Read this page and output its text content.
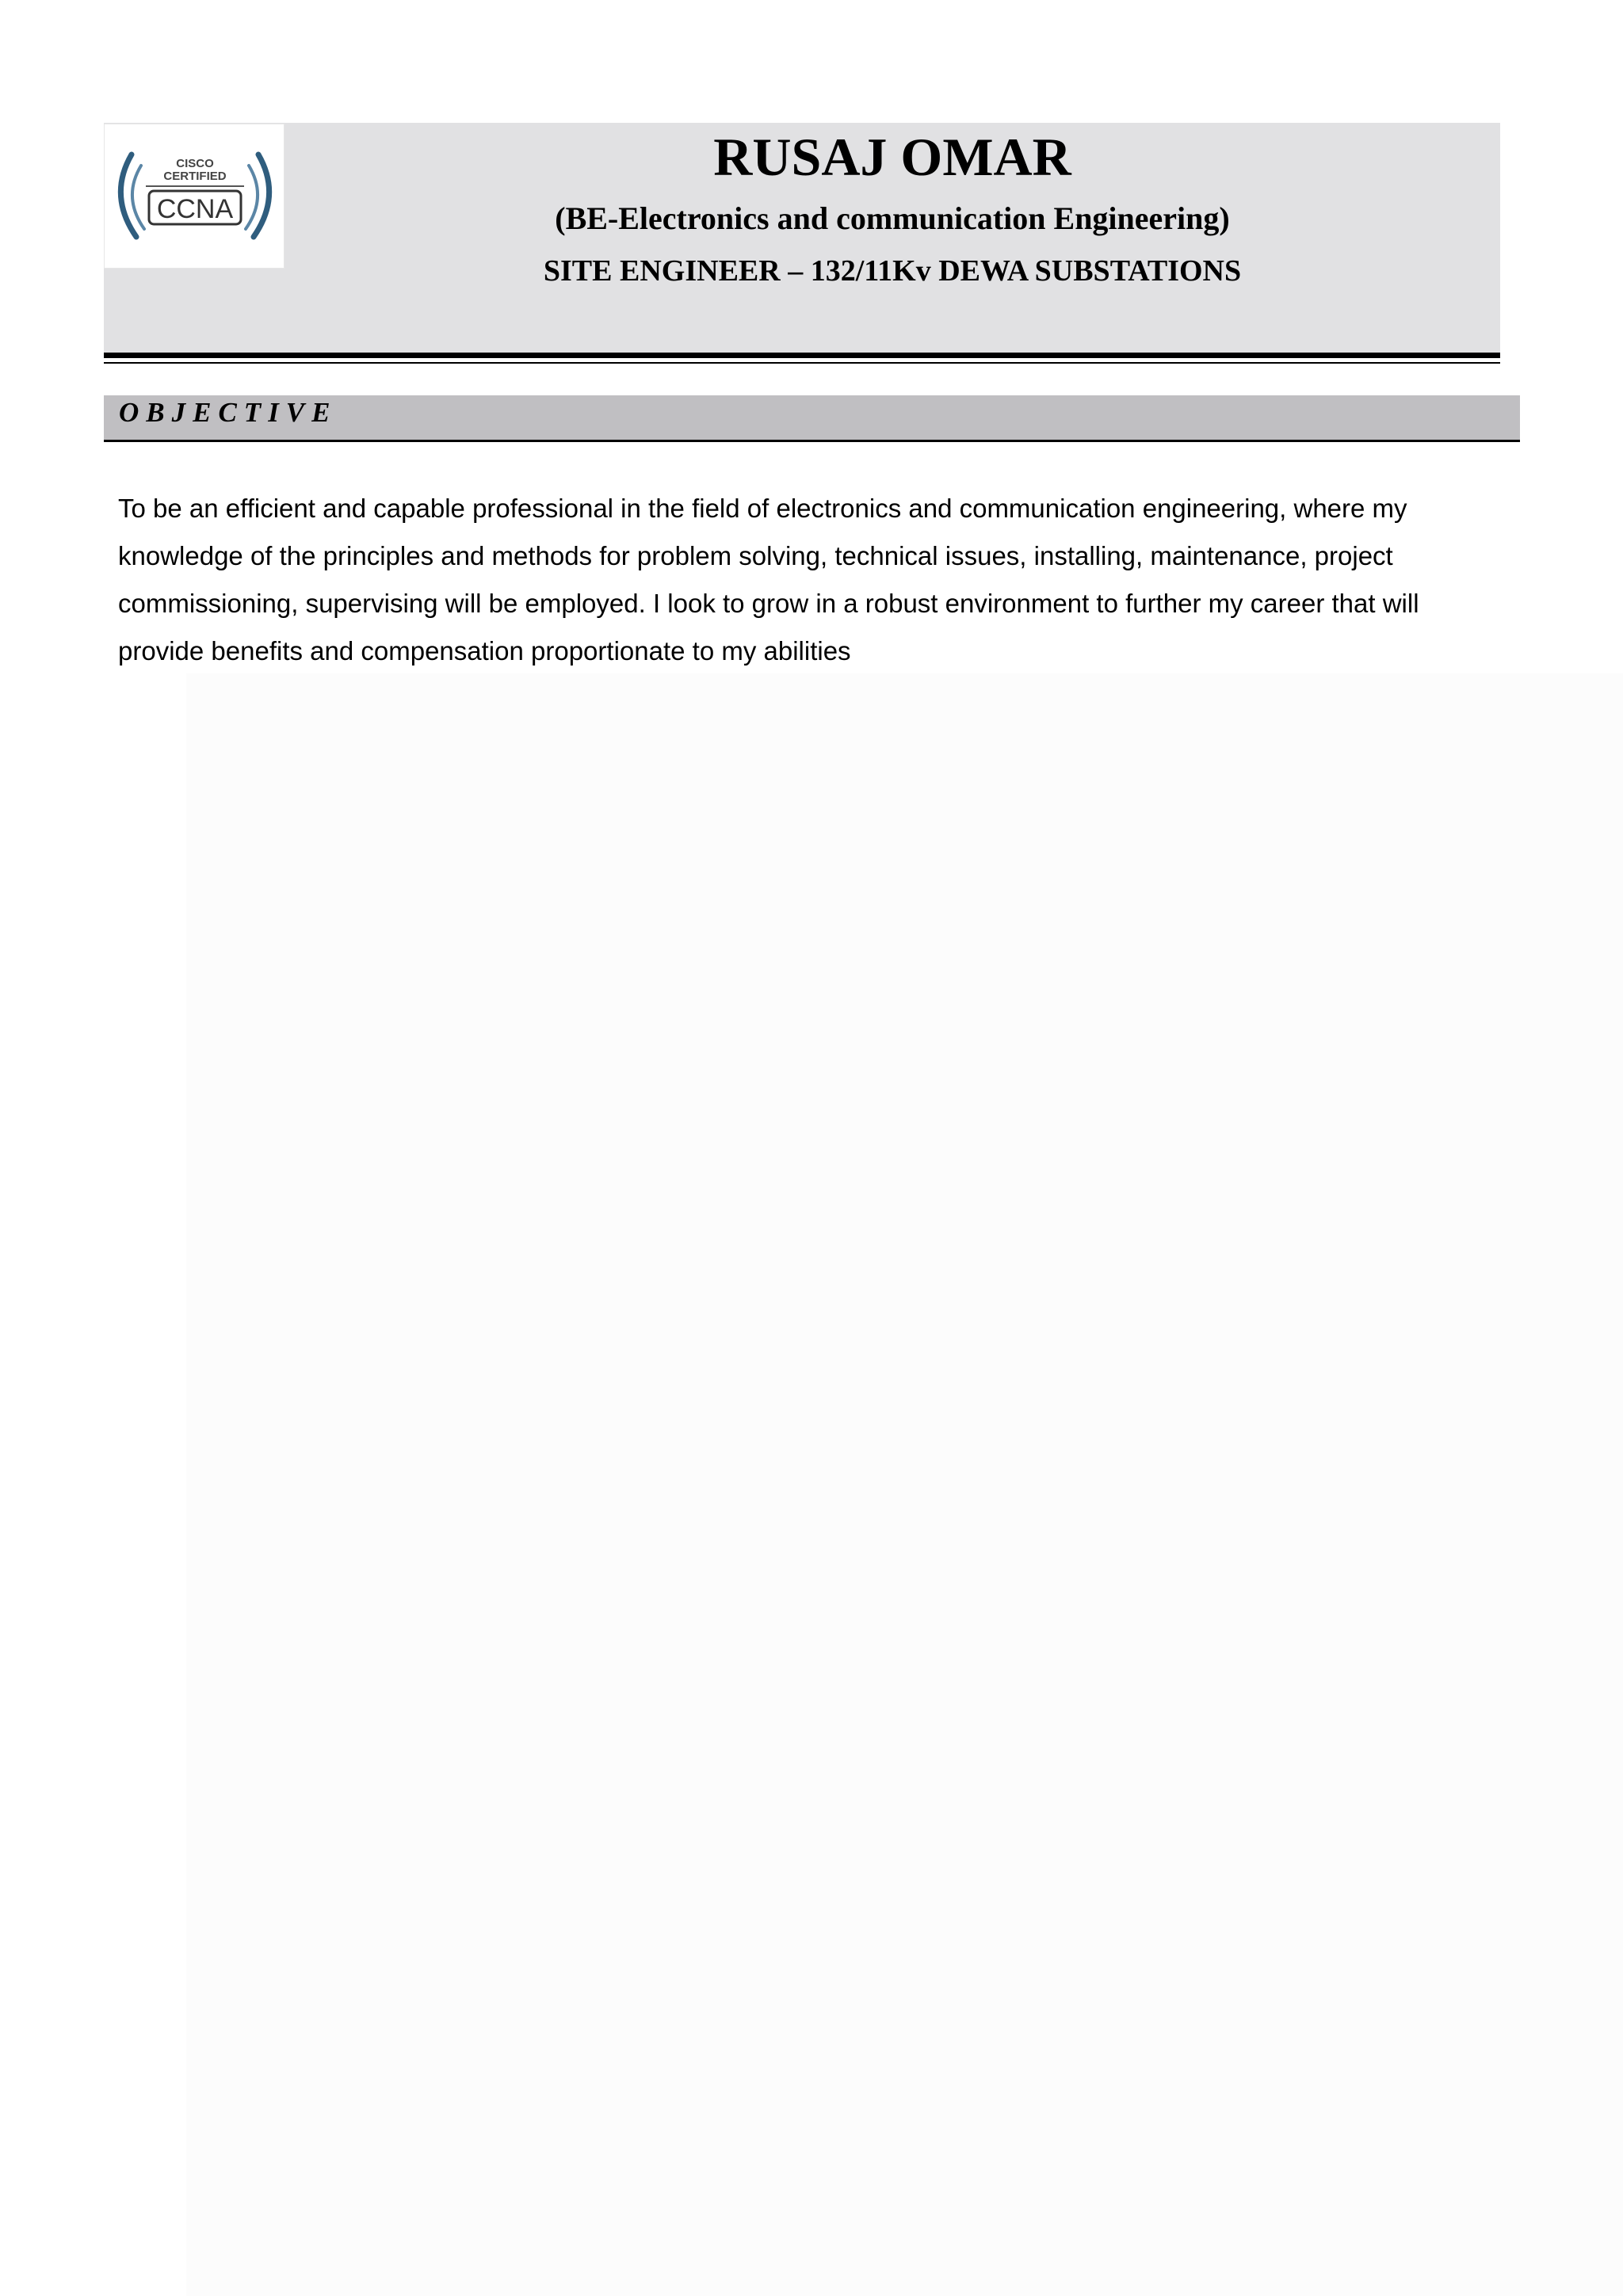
CISCO
CERTIFIED
CCNA
RUSAJ OMAR
(BE-Electronics and communication Engineering)
SITE ENGINEER – 132/11Kv DEWA SUBSTATIONS
OBJECTIVE

To be an efficient and capable professional in the field of electronics and communication engineering, where my knowledge of the principles and methods for problem solving, technical issues, installing, maintenance, project commissioning, supervising will be employed. I look to grow in a robust environment to further my career that will provide benefits and compensation proportionate to my abilities
